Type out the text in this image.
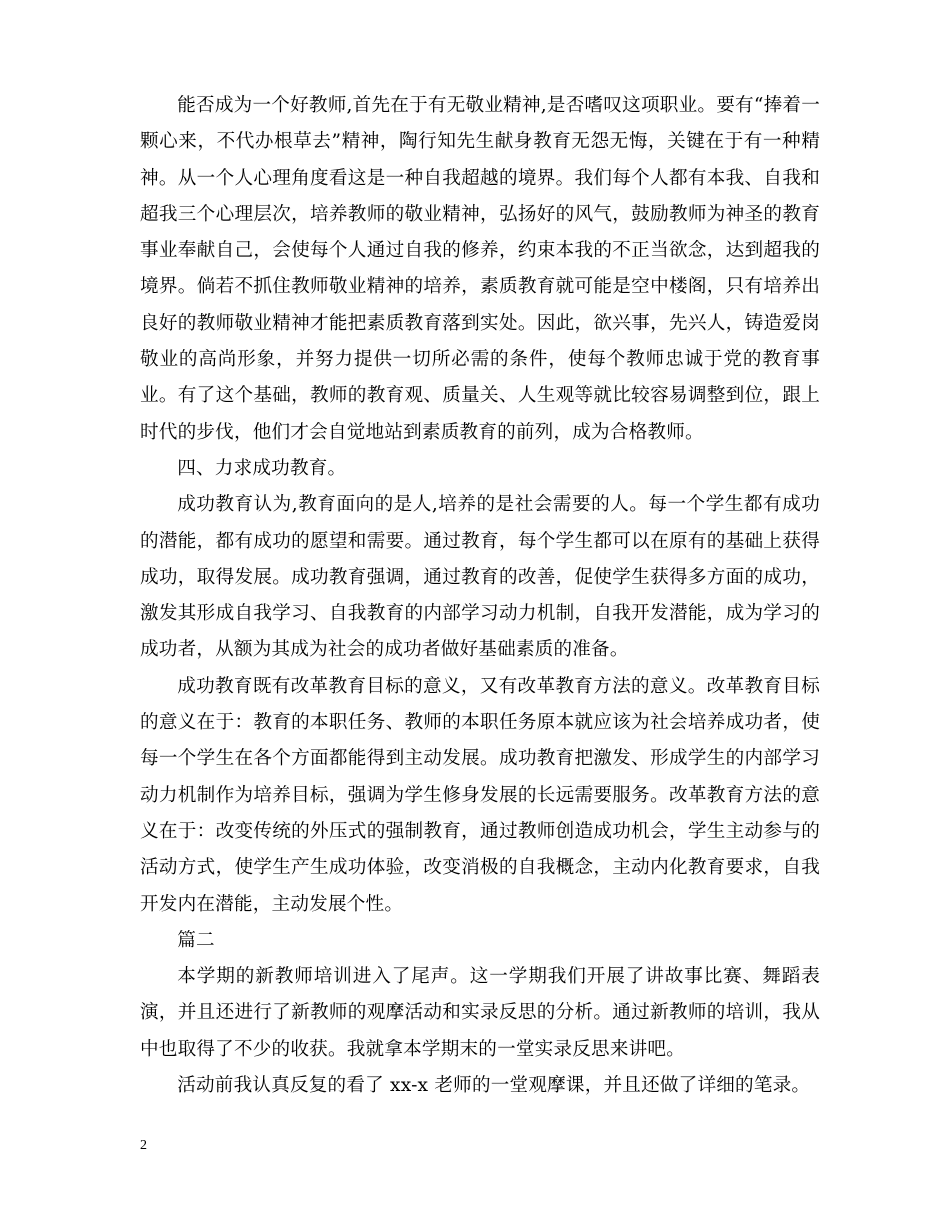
能否成为一个好教师,首先在于有无敬业精神,是否嗜叹这项职业。要有“捧着一颗心来，不代办根草去”精神，陶行知先生献身教育无怨无悔，关键在于有一种精神。从一个人心理角度看这是一种自我超越的境界。我们每个人都有本我、自我和超我三个心理层次，培养教师的敬业精神，弘扬好的风气，鼓励教师为神圣的教育事业奉献自己，会使每个人通过自我的修养，约束本我的不正当欲念，达到超我的境界。倘若不抓住教师敬业精神的培养，素质教育就可能是空中楼阁，只有培养出良好的教师敬业精神才能把素质教育落到实处。因此，欲兴事，先兴人，铸造爱岗敬业的高尚形象，并努力提供一切所必需的条件，使每个教师忠诚于党的教育事业。有了这个基础，教师的教育观、质量关、人生观等就比较容易调整到位，跟上时代的步伐，他们才会自觉地站到素质教育的前列，成为合格教师。

四、力求成功教育。

成功教育认为,教育面向的是人,培养的是社会需要的人。每一个学生都有成功的潜能，都有成功的愿望和需要。通过教育，每个学生都可以在原有的基础上获得成功，取得发展。成功教育强调，通过教育的改善，促使学生获得多方面的成功，激发其形成自我学习、自我教育的内部学习动力机制，自我开发潜能，成为学习的成功者，从额为其成为社会的成功者做好基础素质的准备。

成功教育既有改革教育目标的意义，又有改革教育方法的意义。改革教育目标的意义在于：教育的本职任务、教师的本职任务原本就应该为社会培养成功者，使每一个学生在各个方面都能得到主动发展。成功教育把激发、形成学生的内部学习动力机制作为培养目标，强调为学生修身发展的长远需要服务。改革教育方法的意义在于：改变传统的外压式的强制教育，通过教师创造成功机会，学生主动参与的活动方式，使学生产生成功体验，改变消极的自我概念，主动内化教育要求，自我开发内在潜能，主动发展个性。

篇二

本学期的新教师培训进入了尾声。这一学期我们开展了讲故事比赛、舞蹈表演，并且还进行了新教师的观摩活动和实录反思的分析。通过新教师的培训，我从中也取得了不少的收获。我就拿本学期末的一堂实录反思来讲吧。

活动前我认真反复的看了 xx-x 老师的一堂观摩课，并且还做了详细的笔录。

2
